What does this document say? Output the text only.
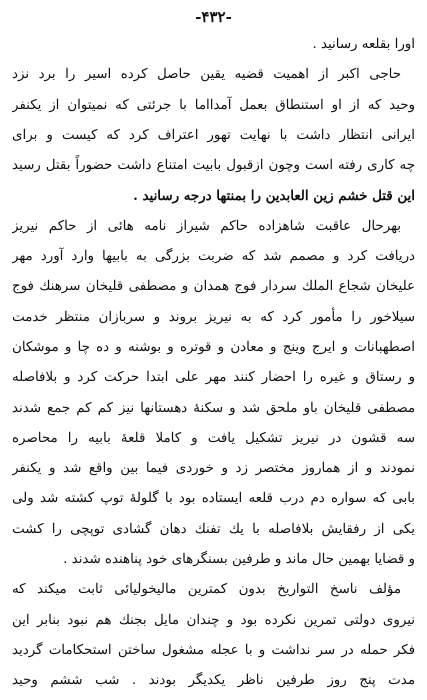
-۴۳۲-
اورا بقلعه رسانید .
حاجی اکبر از اهمیت قضیه یقین حاصل کرده اسیر را برد نزد
وحید که از او استنطاق بعمل آمدااما با جرئتی که نمیتوان از یکنفر
ایرانی انتظار داشت با نهایت تهور اعتراف کرد که کیست و برای
چه کاری رفته است وچون ازقبول بابیت امتناع داشت حضوراً بقتل رسید
این قتل خشم زین العابدین را بمنتها درجه رسانید .
بهرحال عاقبت شاهزاده حاکم شیراز نامه هائی از حاکم نیریز
دریافت کرد و مصمم شد که ضربت بزرگی به بابیها وارد آورد مهر
علیخان شجاع الملك سردار فوج همدان و مصطفی قلیخان سرهنك فوج
سیلاخور را مأمور کرد که به نیریز بروند و سربازان منتظر خدمت
اصطهبانات و ایرج وینج و معادن و قوتره و بوشنه و ده چا و موشکان
و رستاق و غیره را احضار کنند مهر علی ابتدا حرکت کرد و بلافاصله
مصطفی قلیخان باو ملحق شد و سکنهٔ دهستانها نیز کم کم جمع شدند
سه قشون در نیریز تشکیل یافت و کاملا قلعهٔ بابیه را محاصره
نمودند و از هماروز مختصر زد و خوردی فیما بین واقع شد و یکنفر
بابی که سواره دم درب قلعه ایستاده بود با گلولهٔ توپ کشته شد ولی
یکی از رفقایش بلافاصله با یك تفنك دهان گشادی توپچی را کشت
و قضایا بهمین حال ماند و طرفین بسنگرهای خود پناهنده شدند .
مؤلف ناسخ التواریخ بدون کمترین مالیخولیائی ثابت میکند که
نیروی دولتی تمرین نکرده بود و چندان مایل بجنك هم نبود بنابر این
فکر حمله در سر نداشت و با عجله مشغول ساختن استحکامات گردید
مدت پنج روز طرفین ناظر یکدیگر بودند . شب ششم وحید
